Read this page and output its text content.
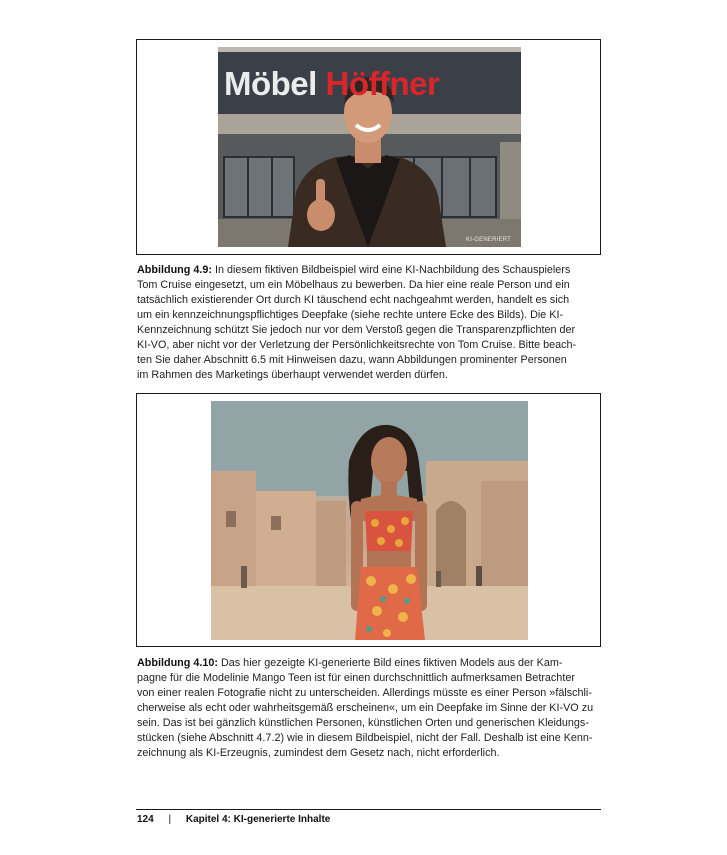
Möbel Höffner
KI-GENERIERT
Abbildung 4.9: In diesem fiktiven Bildbeispiel wird eine KI-Nachbildung des Schauspielers
Tom Cruise eingesetzt, um ein Möbelhaus zu bewerben. Da hier eine reale Person und ein
tatsächlich existierender Ort durch KI täuschend echt nachgeahmt werden, handelt es sich
um ein kennzeichnungspflichtiges Deepfake (siehe rechte untere Ecke des Bilds). Die KI-
Kennzeichnung schützt Sie jedoch nur vor dem Verstoß gegen die Transparenzpflichten der
KI-VO, aber nicht vor der Verletzung der Persönlichkeitsrechte von Tom Cruise. Bitte beach-
ten Sie daher Abschnitt 6.5 mit Hinweisen dazu, wann Abbildungen prominenter Personen
im Rahmen des Marketings überhaupt verwendet werden dürfen.
Abbildung 4.10: Das hier gezeigte KI-generierte Bild eines fiktiven Models aus der Kam-
pagne für die Modelinie Mango Teen ist für einen durchschnittlich aufmerksamen Betrachter
von einer realen Fotografie nicht zu unterscheiden. Allerdings müsste es einer Person »fälschli-
cherweise als echt oder wahrheitsgemäß erscheinen«, um ein Deepfake im Sinne der KI-VO zu
sein. Das ist bei gänzlich künstlichen Personen, künstlichen Orten und generischen Kleidungs-
stücken (siehe Abschnitt 4.7.2) wie in diesem Bildbeispiel, nicht der Fall. Deshalb ist eine Kenn-
zeichnung als KI-Erzeugnis, zumindest dem Gesetz nach, nicht erforderlich.
124 | Kapitel 4: KI-generierte Inhalte
